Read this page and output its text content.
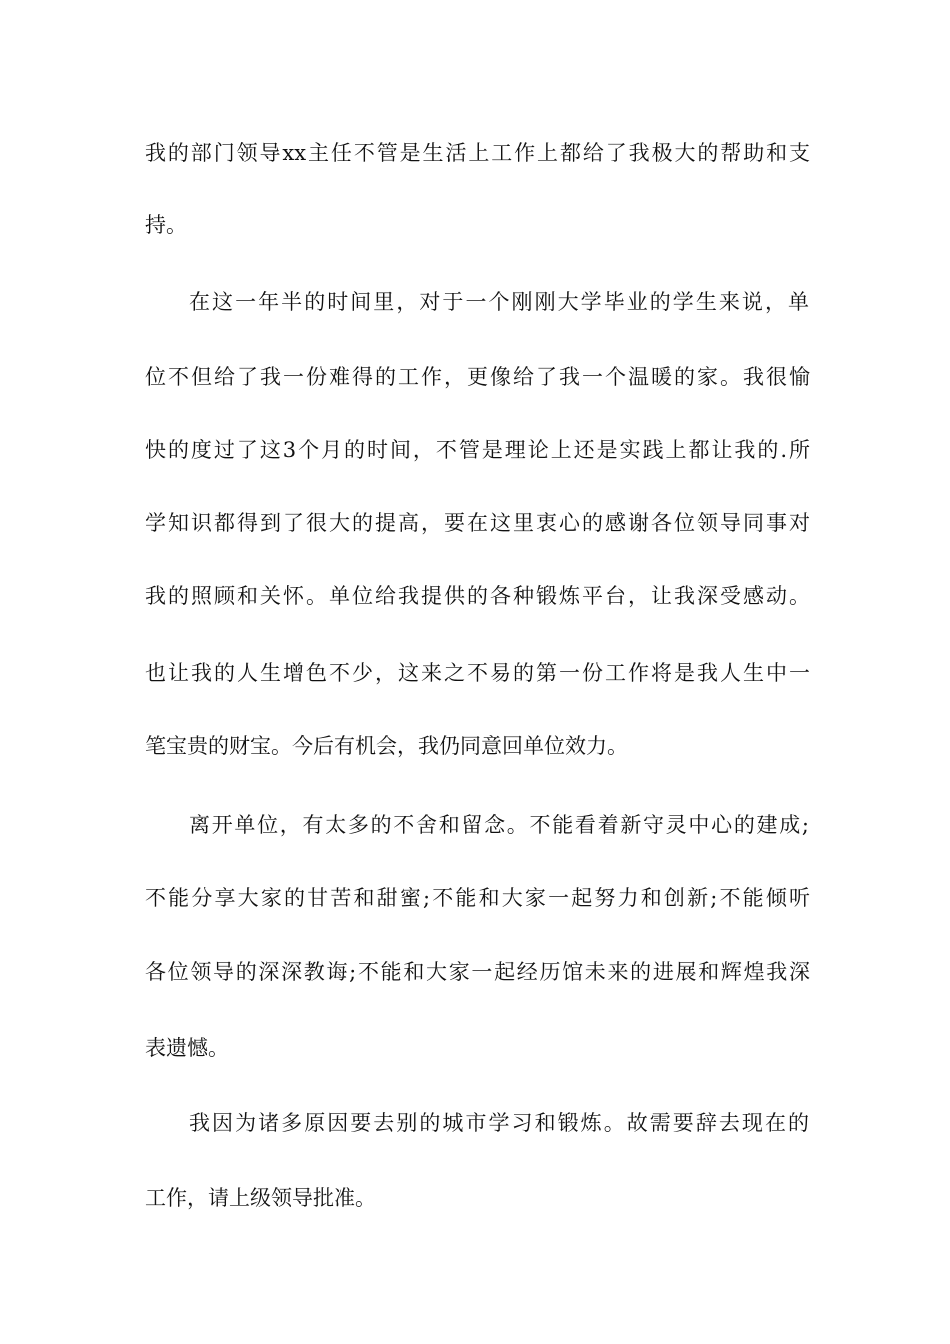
我的部门领导xx主任不管是生活上工作上都给了我极大的帮助和支
持。
在这一年半的时间里，对于一个刚刚大学毕业的学生来说，单
位不但给了我一份难得的工作，更像给了我一个温暖的家。我很愉
快的度过了这3个月的时间，不管是理论上还是实践上都让我的.所
学知识都得到了很大的提高，要在这里衷心的感谢各位领导同事对
我的照顾和关怀。单位给我提供的各种锻炼平台，让我深受感动。
也让我的人生增色不少，这来之不易的第一份工作将是我人生中一
笔宝贵的财宝。今后有机会，我仍同意回单位效力。
离开单位，有太多的不舍和留念。不能看着新守灵中心的建成;
不能分享大家的甘苦和甜蜜;不能和大家一起努力和创新;不能倾听
各位领导的深深教诲;不能和大家一起经历馆未来的进展和辉煌我深
表遗憾。
我因为诸多原因要去别的城市学习和锻炼。故需要辞去现在的
工作，请上级领导批准。
